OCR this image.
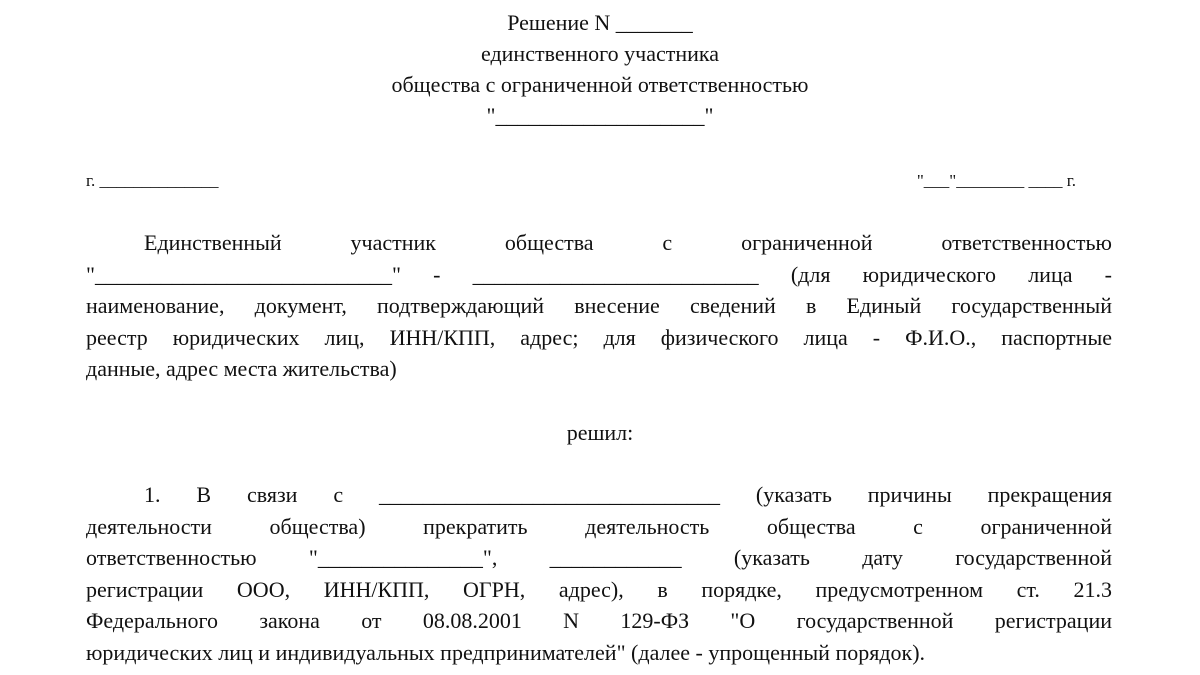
Решение N _______
единственного участника
общества с ограниченной ответственностью
"___________________"
г. ______________	"___"________ ____ г.
Единственный участник общества с ограниченной ответственностью
"___________________________" - __________________________ (для юридического лица -
наименование, документ, подтверждающий внесение сведений в Единый государственный
реестр юридических лиц, ИНН/КПП, адрес; для физического лица - Ф.И.О., паспортные
данные, адрес места жительства)
решил:
1. В связи с _______________________________ (указать причины прекращения
деятельности общества) прекратить деятельность общества с ограниченной
ответственностью "_______________", ____________ (указать дату государственной
регистрации ООО, ИНН/КПП, ОГРН, адрес), в порядке, предусмотренном ст. 21.3
Федерального закона от 08.08.2001 N 129-ФЗ "О государственной регистрации
юридических лиц и индивидуальных предпринимателей" (далее - упрощенный порядок).
